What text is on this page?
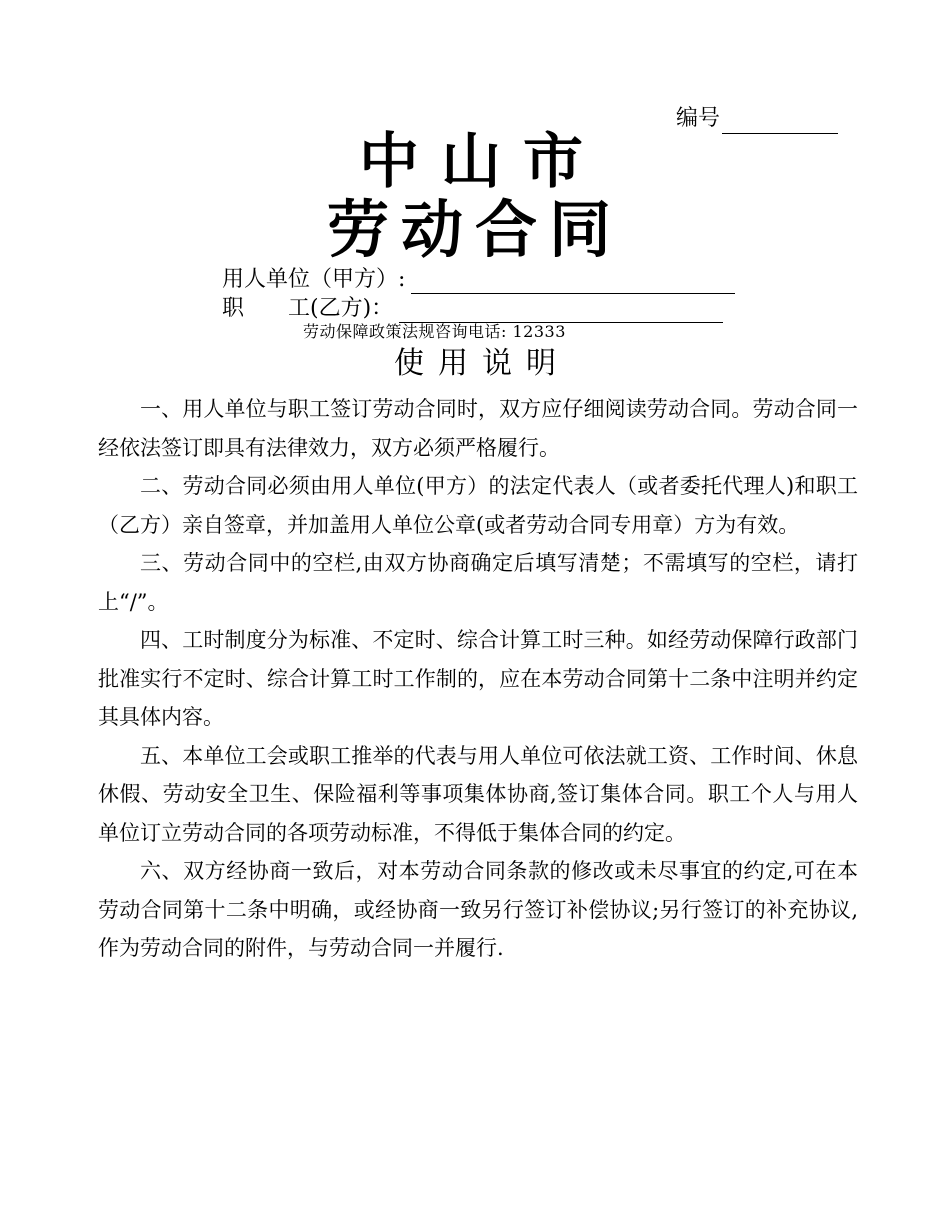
编号
中山市
劳动合同
用人单位（甲方）:
职 工(乙方)：
劳动保障政策法规咨询电话: 12333
使用说明

一、用人单位与职工签订劳动合同时，双方应仔细阅读劳动合同。劳动合同一经依法签订即具有法律效力，双方必须严格履行。

二、劳动合同必须由用人单位(甲方）的法定代表人（或者委托代理人)和职工（乙方）亲自签章，并加盖用人单位公章(或者劳动合同专用章）方为有效。

三、劳动合同中的空栏,由双方协商确定后填写清楚；不需填写的空栏，请打上“/”。

四、工时制度分为标准、不定时、综合计算工时三种。如经劳动保障行政部门批准实行不定时、综合计算工时工作制的，应在本劳动合同第十二条中注明并约定其具体内容。

五、本单位工会或职工推举的代表与用人单位可依法就工资、工作时间、休息休假、劳动安全卫生、保险福利等事项集体协商,签订集体合同。职工个人与用人单位订立劳动合同的各项劳动标准，不得低于集体合同的约定。

六、双方经协商一致后，对本劳动合同条款的修改或未尽事宜的约定,可在本劳动合同第十二条中明确，或经协商一致另行签订补偿协议;另行签订的补充协议,作为劳动合同的附件，与劳动合同一并履行.
